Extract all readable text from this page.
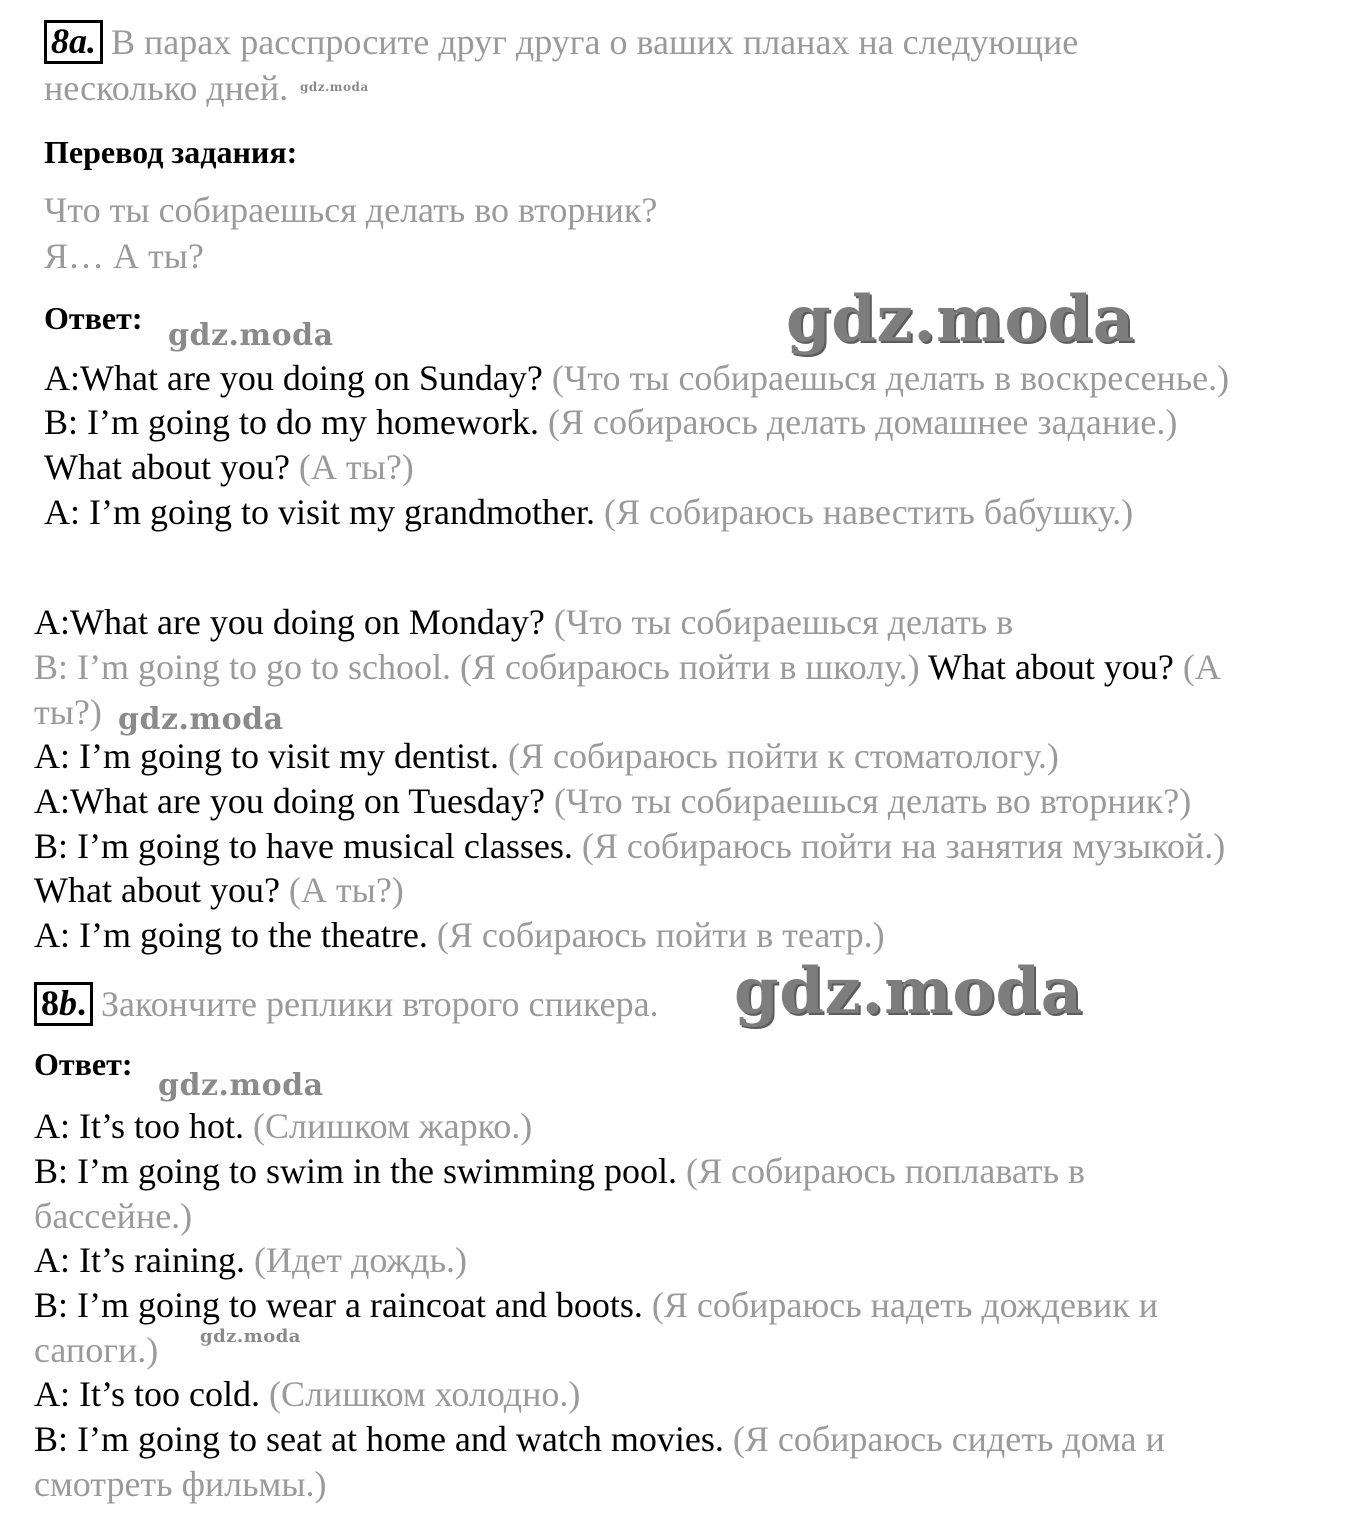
8a. В парах расспросите друг друга о ваших планах на следующие
несколько дней. gdz.moda
Перевод задания:
Что ты собираешься делать во вторник?
Я… А ты?
Ответ: gdz.moda	gdz.moda
A:What are you doing on Sunday? (Что ты собираешься делать в воскресенье.)
B: I’m going to do my homework. (Я собираюсь делать домашнее задание.)
What about you? (А ты?)
A: I’m going to visit my grandmother. (Я собираюсь навестить бабушку.)
A:What are you doing on Monday? (Что ты собираешься делать в
B: I’m going to go to school. (Я собираюсь пойти в школу.) What about you? (А
ты?) gdz.moda
A: I’m going to visit my dentist. (Я собираюсь пойти к стоматологу.)
A:What are you doing on Tuesday? (Что ты собираешься делать во вторник?)
B: I’m going to have musical classes. (Я собираюсь пойти на занятия музыкой.)
What about you? (А ты?)
A: I’m going to the theatre. (Я собираюсь пойти в театр.)
8b. Закончите реплики второго спикера. gdz.moda
Ответ:
gdz.moda
A: It’s too hot. (Слишком жарко.)
B: I’m going to swim in the swimming pool. (Я собираюсь поплавать в
бассейне.)
A: It’s raining. (Идет дождь.)
B: I’m going to wear a raincoat and boots. (Я собираюсь надеть дождевик и
сапоги.) gdz.moda
A: It’s too cold. (Слишком холодно.)
B: I’m going to seat at home and watch movies. (Я собираюсь сидеть дома и
смотреть фильмы.)
